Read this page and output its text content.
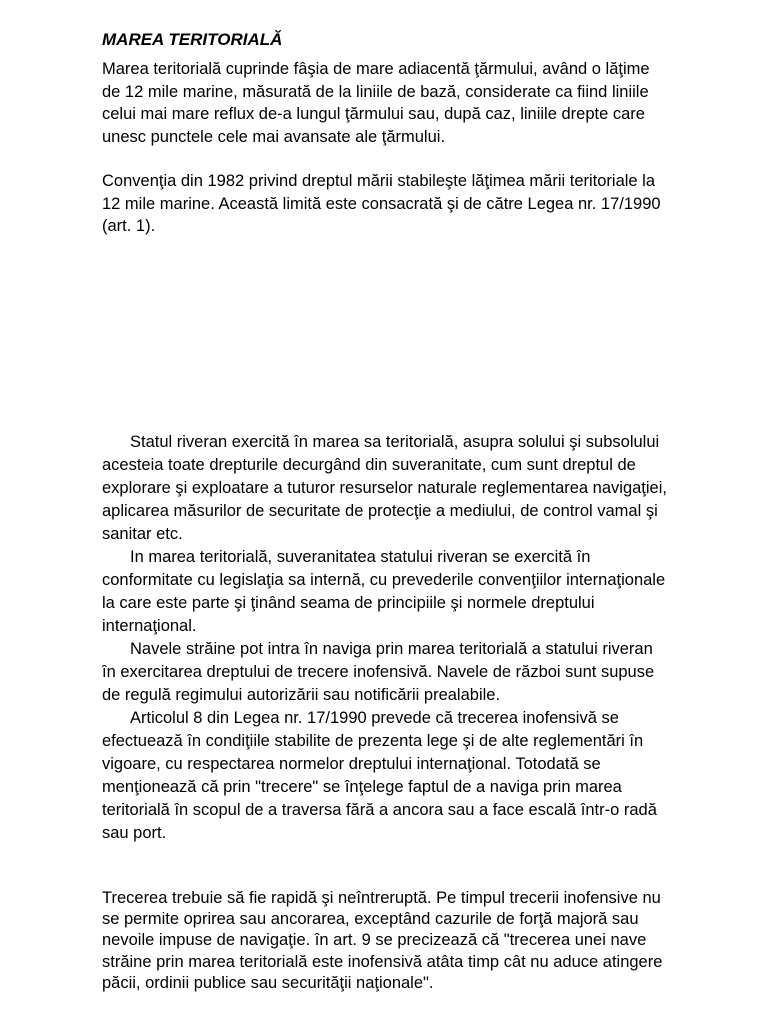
MAREA TERITORIALĂ

Marea teritorială cuprinde fâşia de mare adiacentă ţărmului, având o lăţime de 12 mile marine, măsurată de la liniile de bază, considerate ca fiind liniile celui mai mare reflux de-a lungul ţărmului sau, după caz, liniile drepte care unesc punctele cele mai avansate ale ţărmului.

Convenţia din 1982 privind dreptul mării stabileşte lăţimea mării teritoriale la 12 mile marine. Această limită este consacrată şi de către Legea nr. 17/1990 (art. 1).

Statul riveran exercită în marea sa teritorială, asupra solului şi subsolului acesteia toate drepturile decurgând din suveranitate, cum sunt dreptul de explorare şi exploatare a tuturor resurselor naturale reglementarea navigaţiei, aplicarea măsurilor de securitate de protecţie a mediului, de control vamal şi sanitar etc.

In marea teritorială, suveranitatea statului riveran se exercită în conformitate cu legislaţia sa internă, cu prevederile convenţiilor internaţionale la care este parte şi ţinând seama de principiile şi normele dreptului internaţional.

Navele străine pot intra în naviga prin marea teritorială a statului riveran în exercitarea dreptului de trecere inofensivă. Navele de război sunt supuse de regulă regimului autorizării sau notificării prealabile.

Articolul 8 din Legea nr. 17/1990 prevede că trecerea inofensivă se efectuează în condiţiile stabilite de prezenta lege şi de alte reglementări în vigoare, cu respectarea normelor dreptului internaţional. Totodată se menţionează că prin "trecere" se înţelege faptul de a naviga prin marea teritorială în scopul de a traversa fără a ancora sau a face escală într-o radă sau port.

Trecerea trebuie să fie rapidă şi neîntreruptă. Pe timpul trecerii inofensive nu se permite oprirea sau ancorarea, exceptând cazurile de forţă majoră sau nevoile impuse de navigaţie. în art. 9 se precizează că "trecerea unei nave străine prin marea teritorială este inofensivă atâta timp cât nu aduce atingere păcii, ordinii publice sau securităţii naţionale".
